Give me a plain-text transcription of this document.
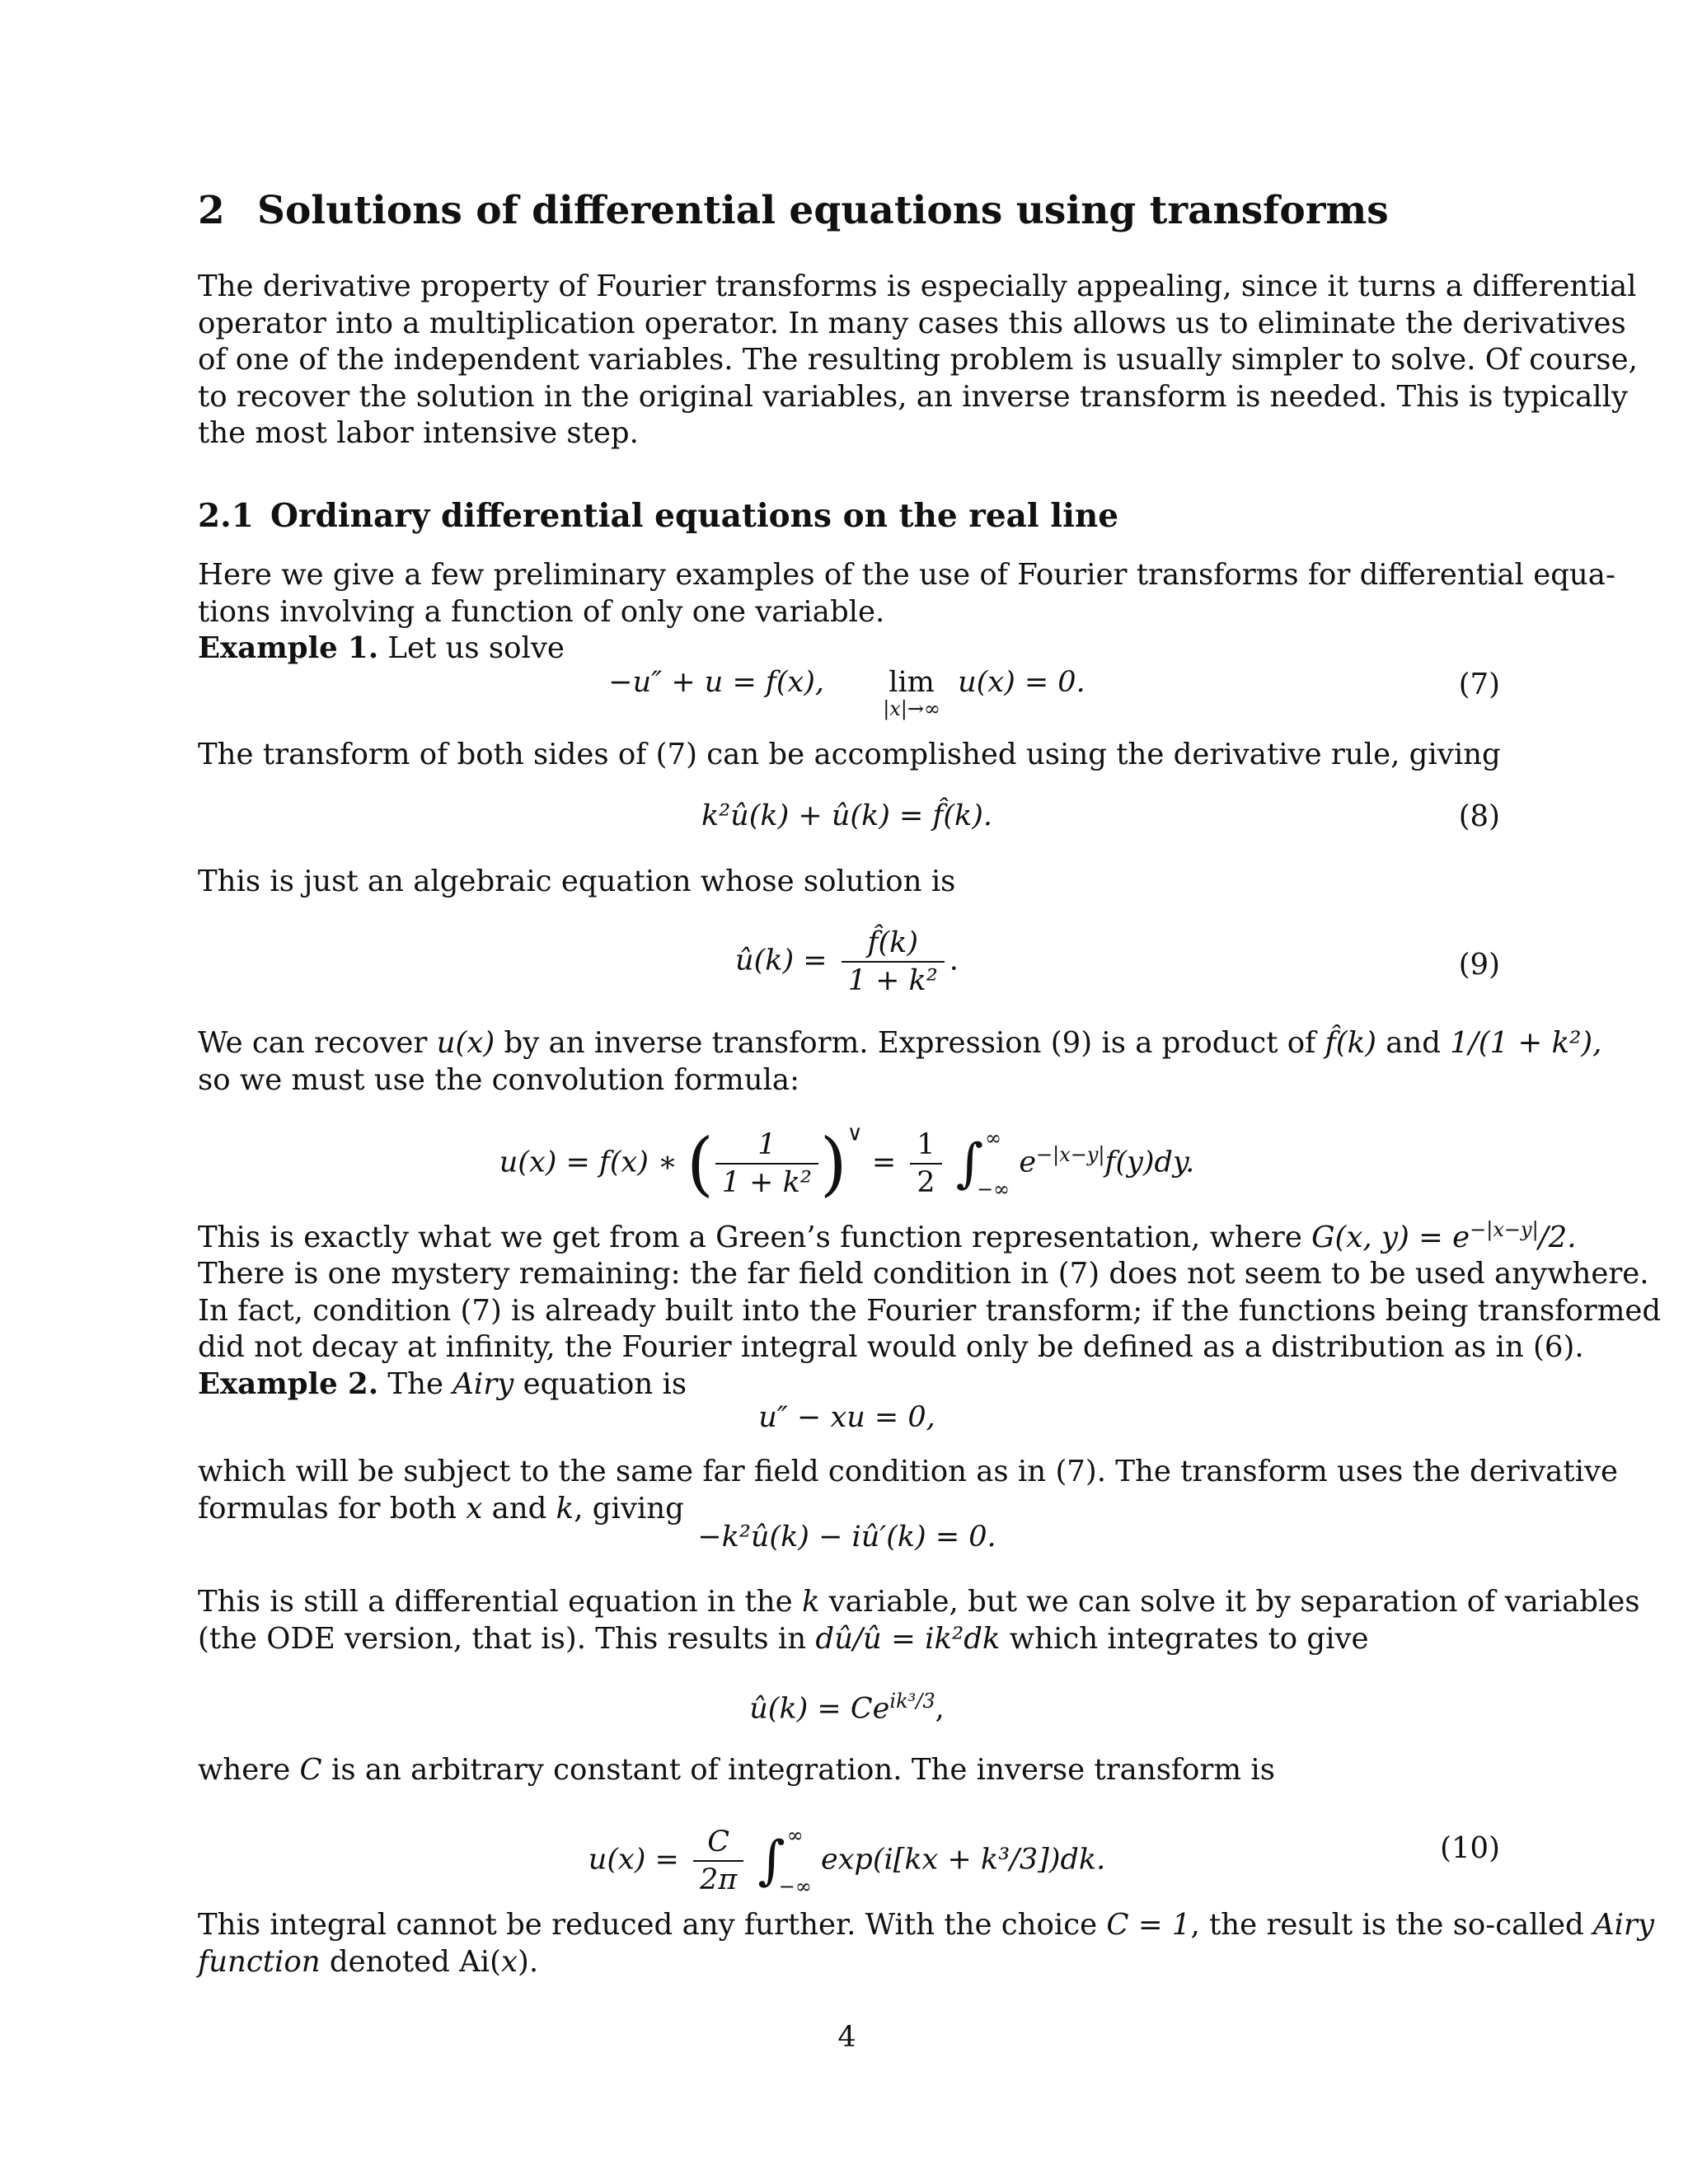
2 Solutions of differential equations using transforms
The derivative property of Fourier transforms is especially appealing, since it turns a differential
operator into a multiplication operator. In many cases this allows us to eliminate the derivatives
of one of the independent variables. The resulting problem is usually simpler to solve. Of course,
to recover the solution in the original variables, an inverse transform is needed. This is typically
the most labor intensive step.
2.1 Ordinary differential equations on the real line
Here we give a few preliminary examples of the use of Fourier transforms for differential equa-
tions involving a function of only one variable.
Example 1. Let us solve
−u″ + u = f(x), lim
|x|→∞
u(x) = 0.	(7)
The transform of both sides of (7) can be accomplished using the derivative rule, giving
k²û(k) + û(k) = f̂(k).	(8)
This is just an algebraic equation whose solution is
û(k) = $\frac{f̂(k)}{\text{1 + k²}}$ .	(9)
We can recover u(x) by an inverse transform. Expression (9) is a product of f̂(k) and 1/(1 + k²),
so we must use the convolution formula:
u(x) = f(x) ∗ ( $\frac{1}{\text{1 + k²}} )^\vee = \frac{1}{2}$ ∫ ∞
−∞
$e^{-|x-y|}f(y)dy$.
This is exactly what we get from a Green’s function representation, where G(x, $y) = e^{-|x-y|}/2$.
There is one mystery remaining: the far field condition in (7) does not seem to be used anywhere.
In fact, condition (7) is already built into the Fourier transform; if the functions being transformed
did not decay at infinity, the Fourier integral would only be defined as a distribution as in (6).
Example 2. The Airy equation is
u″ − xu = 0,
which will be subject to the same far field condition as in (7). The transform uses the derivative
formulas for both x and k, giving
−k²û(k) − iû′(k) = 0.
This is still a differential equation in the k variable, but we can solve it by separation of variables
(the ODE version, that is). This results in dû/û = ik²dk which integrates to give
û(k) = $Ce^{ik^3/3}$,
where C is an arbitrary constant of integration. The inverse transform is
$u(x) = \frac{C}{2\pi}$ ∫ ∞
−∞
exp(i[kx + k³/3])dk.	(10)
This integral cannot be reduced any further. With the choice C = 1, the result is the so-called Airy
function denoted Ai(x).
4
